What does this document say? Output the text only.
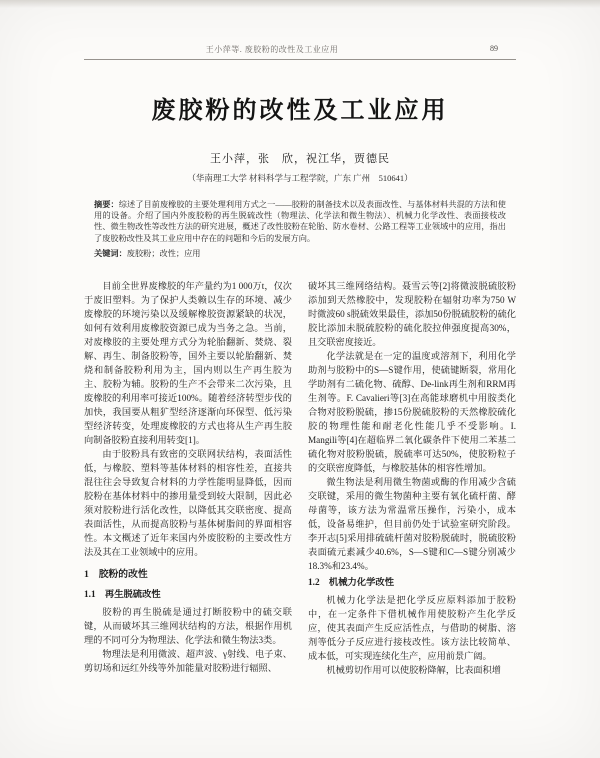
王小萍等. 废胶粉的改性及工业应用	89
废胶粉的改性及工业应用
王小萍，张　欣，祝江华，贾德民
（华南理工大学 材料科学与工程学院，广东 广州　510641）
摘要：综述了目前废橡胶的主要处理利用方式之一——胶粉的制备技术以及表面改性、与基体材料共混的方法和使用的设备。介绍了国内外废胶粉的再生脱硫改性（物理法、化学法和微生物法）、机械力化学改性、表面接枝改性、微生物改性等改性方法的研究进展，概述了改性胶粉在轮胎、防水卷材、公路工程等工业领域中的应用，指出了废胶粉改性及其工业应用中存在的问题和今后的发展方向。
关键词：废胶粉；改性；应用

目前全世界废橡胶的年产量约为1 000万t，仅次于废旧塑料。为了保护人类赖以生存的环境、减少废橡胶的环境污染以及缓解橡胶资源紧缺的状况，如何有效利用废橡胶资源已成为当务之急。当前，对废橡胶的主要处理方式分为轮胎翻新、焚烧、裂解、再生、制备胶粉等，国外主要以轮胎翻新、焚烧和制备胶粉利用为主，国内则以生产再生胶为主、胶粉为辅。胶粉的生产不会带来二次污染，且废橡胶的利用率可接近100%。随着经济转型步伐的加快，我国要从粗犷型经济逐渐向环保型、低污染型经济转变，处理废橡胶的方式也将从生产再生胶向制备胶粉直接利用转变[1]。

由于胶粉具有致密的交联网状结构，表面活性低，与橡胶、塑料等基体材料的相容性差，直接共混往往会导致复合材料的力学性能明显降低，因而胶粉在基体材料中的掺用量受到较大限制，因此必须对胶粉进行活化改性，以降低其交联密度、提高表面活性，从而提高胶粉与基体树脂间的界面相容性。本文概述了近年来国内外废胶粉的主要改性方法及其在工业领域中的应用。

1　胶粉的改性
1.1　再生脱硫改性

胶粉的再生脱硫是通过打断胶粉中的硫交联键，从而破坏其三维网状结构的方法，根据作用机理的不同可分为物理法、化学法和微生物法3类。

物理法是利用微波、超声波、γ射线、电子束、剪切场和远红外线等外加能量对胶粉进行辐照、

破坏其三维网络结构。聂雪云等[2]将微波脱硫胶粉添加到天然橡胶中，发现胶粉在辐射功率为750 W时微波60 s脱硫效果最佳，添加50份脱硫胶粉的硫化胶比添加未脱硫胶粉的硫化胶拉伸强度提高30%，且交联密度接近。

化学法就是在一定的温度或溶剂下，利用化学助剂与胶粉中的S—S键作用，使硫键断裂，常用化学助剂有二硫化物、硫醇、De-link再生剂和RRM再生剂等。F. Cavalieri等[3]在高能球磨机中用胺类化合物对胶粉脱硫，掺15份脱硫胶粉的天然橡胶硫化胶的物理性能和耐老化性能几乎不受影响。I. Mangili等[4]在超临界二氧化碳条件下使用二苯基二硫化物对胶粉脱硫，脱硫率可达50%，使胶粉粒子的交联密度降低，与橡胶基体的相容性增加。

微生物法是利用微生物菌或酶的作用减少含硫交联键，采用的微生物菌种主要有氧化硫杆菌、酵母菌等，该方法为常温常压操作，污染小，成本低，设备易维护，但目前仍处于试验室研究阶段。李开志[5]采用排硫硫杆菌对胶粉脱硫时，脱硫胶粉表面硫元素减少40.6%，S—S键和C—S键分别减少18.3%和23.4%。

1.2　机械力化学改性

机械力化学法是把化学反应原料添加于胶粉中，在一定条件下借机械作用使胶粉产生化学反应，使其表面产生反应活性点，与借助的树脂、溶剂等低分子反应进行接枝改性。该方法比较简单、成本低，可实现连续化生产，应用前景广阔。

机械剪切作用可以使胶粉降解，比表面积增
